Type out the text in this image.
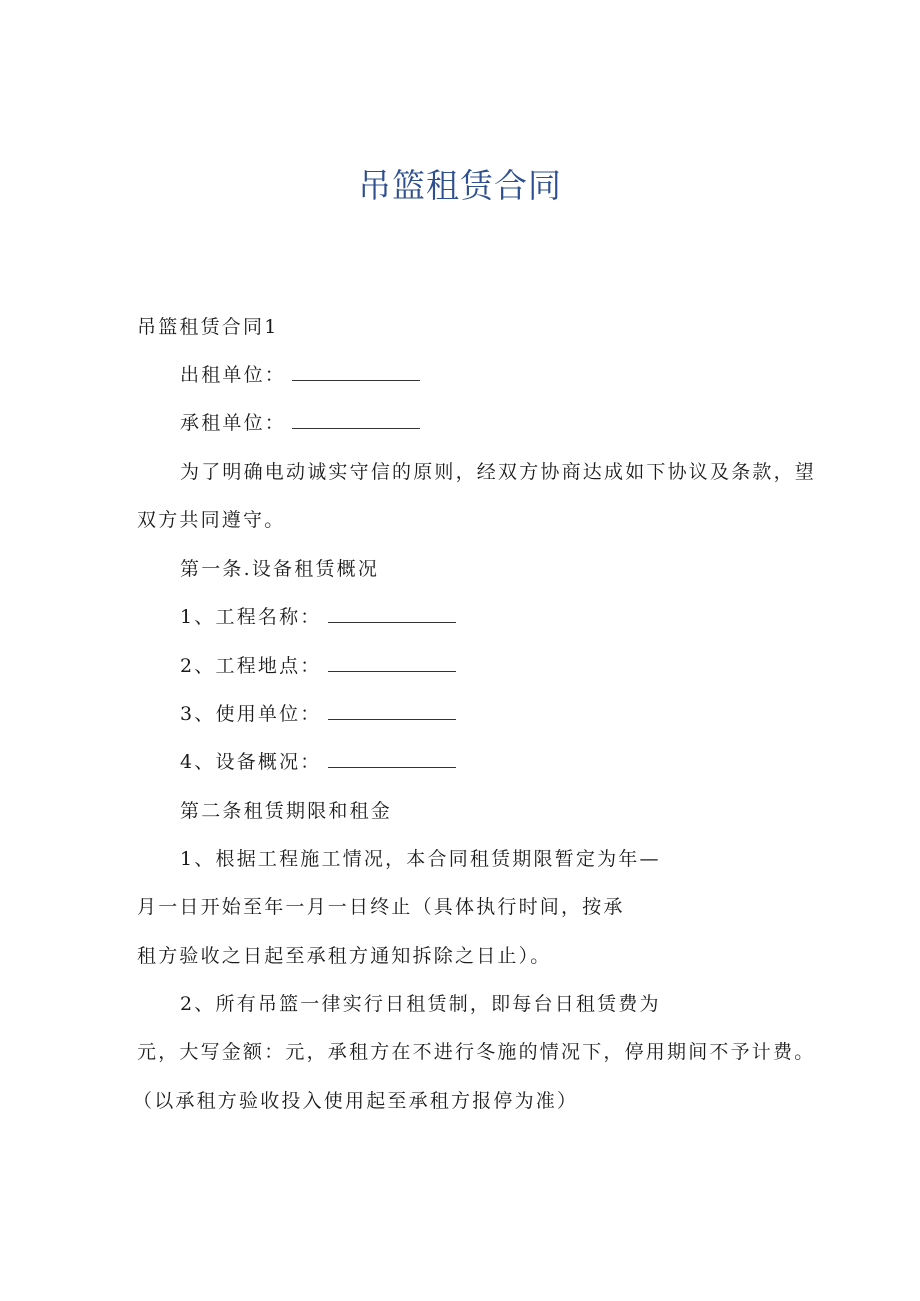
吊篮租赁合同
吊篮租赁合同1
出租单位：
承租单位：
为了明确电动诚实守信的原则，经双方协商达成如下协议及条款，望
双方共同遵守。
第一条.设备租赁概况
1、工程名称：
2、工程地点：
3、使用单位：
4、设备概况：
第二条租赁期限和租金
1、根据工程施工情况，本合同租赁期限暂定为年—
月一日开始至年一月一日终止（具体执行时间，按承
租方验收之日起至承租方通知拆除之日止）。
2、所有吊篮一律实行日租赁制，即每台日租赁费为
元，大写金额：元，承租方在不进行冬施的情况下，停用期间不予计费。
（以承租方验收投入使用起至承租方报停为准）
